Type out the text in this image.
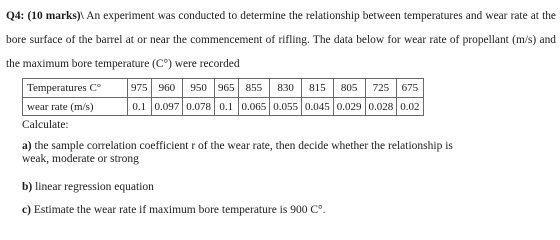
Q4: (10 marks)\ An experiment was conducted to determine the relationship between temperatures and wear rate at the bore surface of the barrel at or near the commencement of rifling. The data below for wear rate of propellant (m/s) and the maximum bore temperature (C°) were recorded
Temperatures C°	975	960	950	965	855	830	815	805	725	675
wear rate (m/s)	0.1	0.097	0.078	0.1	0.065	0.055	0.045	0.029	0.028	0.02
Calculate:
a) the sample correlation coefficient r of the wear rate, then decide whether the relationship is
weak, moderate or strong
b) linear regression equation
c) Estimate the wear rate if maximum bore temperature is 900 C°.
